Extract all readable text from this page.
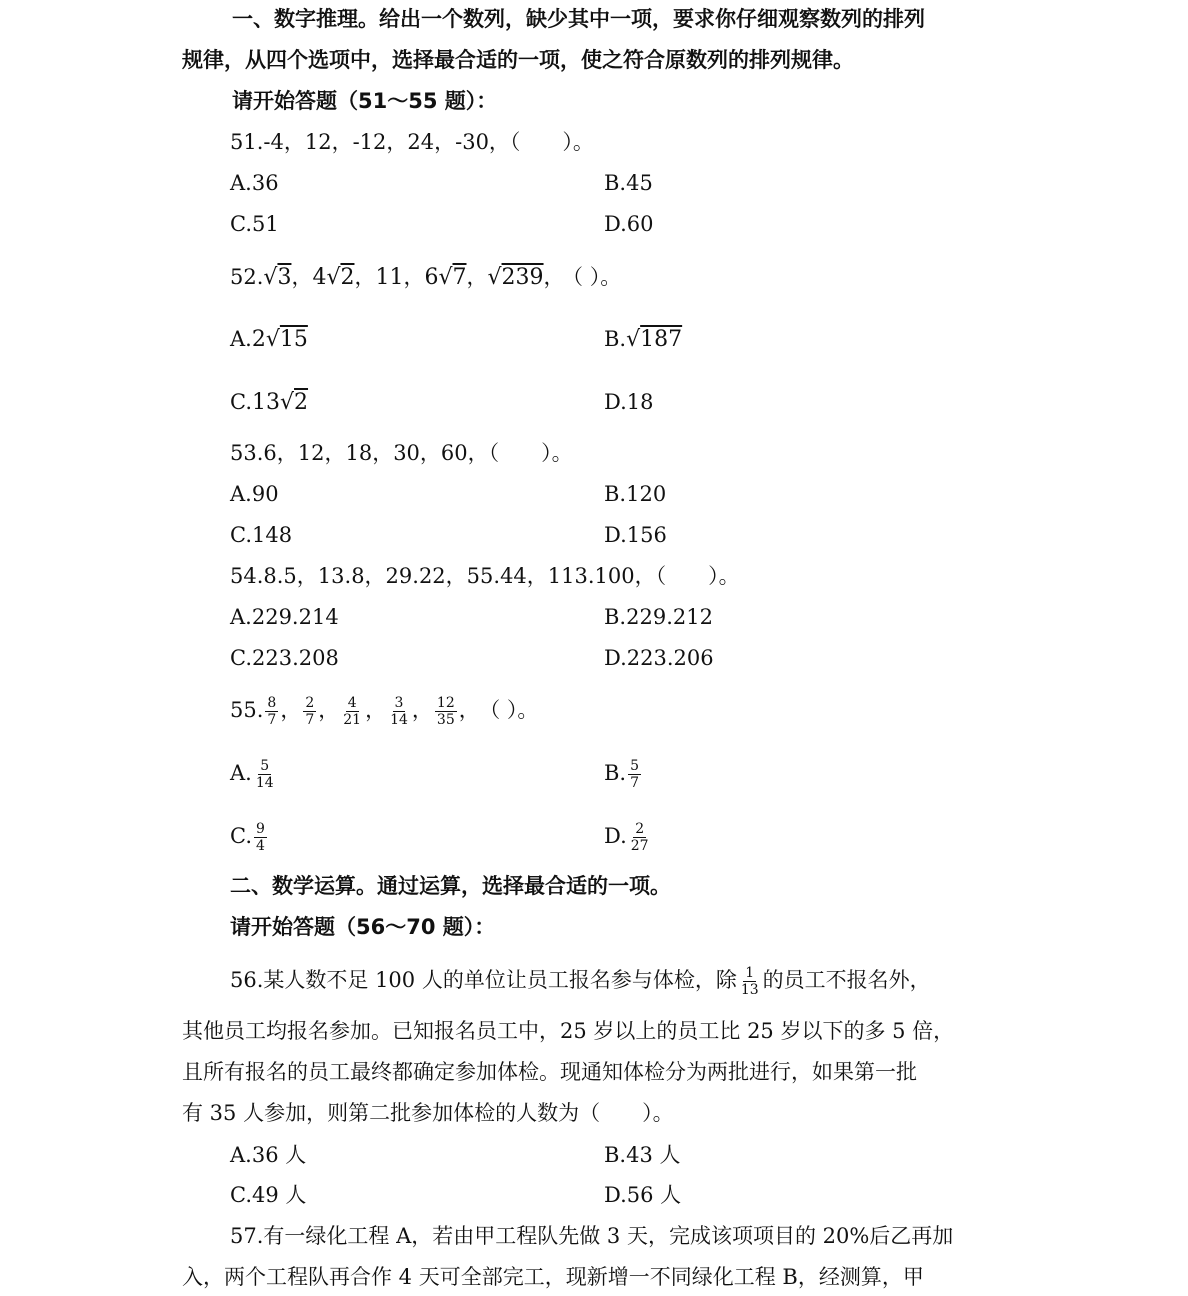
一、数字推理。给出一个数列，缺少其中一项，要求你仔细观察数列的排列
规律，从四个选项中，选择最合适的一项，使之符合原数列的排列规律。
请开始答题（51～55 题）：
51.-4，12，-12，24，-30，（　　）。
A.36	B.45
C.51	D.60
52.√3，4√2，11，6√7，√239， （ ）。
A.2√15	B.√187
C.13√2	D.18
53.6，12，18，30，60，（　　）。
A.90	B.120
C.148	D.156
54.8.5，13.8，29.22，55.44，113.100，（　　）。
A.229.214	B.229.212
C.223.208	D.223.206
55. $\frac{8}{7}$ ， $\frac{2}{7}$ ， $\frac{4}{21}$ ， $\frac{3}{14}$ ， $\frac{12}{35}$ ， （ ）。
A. $\frac{5}{14}$	B. $\frac{5}{7}$
C. $\frac{9}{4}$	D. $\frac{2}{27}$
二、数学运算。通过运算，选择最合适的一项。
请开始答题（56～70 题）：
56.某人数不足 100 人的单位让员工报名参与体检，除 $\frac{1}{13}$ 的员工不报名外，
其他员工均报名参加。已知报名员工中，25 岁以上的员工比 25 岁以下的多 5 倍，
且所有报名的员工最终都确定参加体检。现通知体检分为两批进行，如果第一批
有 35 人参加，则第二批参加体检的人数为（　　）。
A.36 人	B.43 人
C.49 人	D.56 人
57.有一绿化工程 A，若由甲工程队先做 3 天，完成该项项目的 20%后乙再加
入，两个工程队再合作 4 天可全部完工，现新增一不同绿化工程 B，经测算，甲
